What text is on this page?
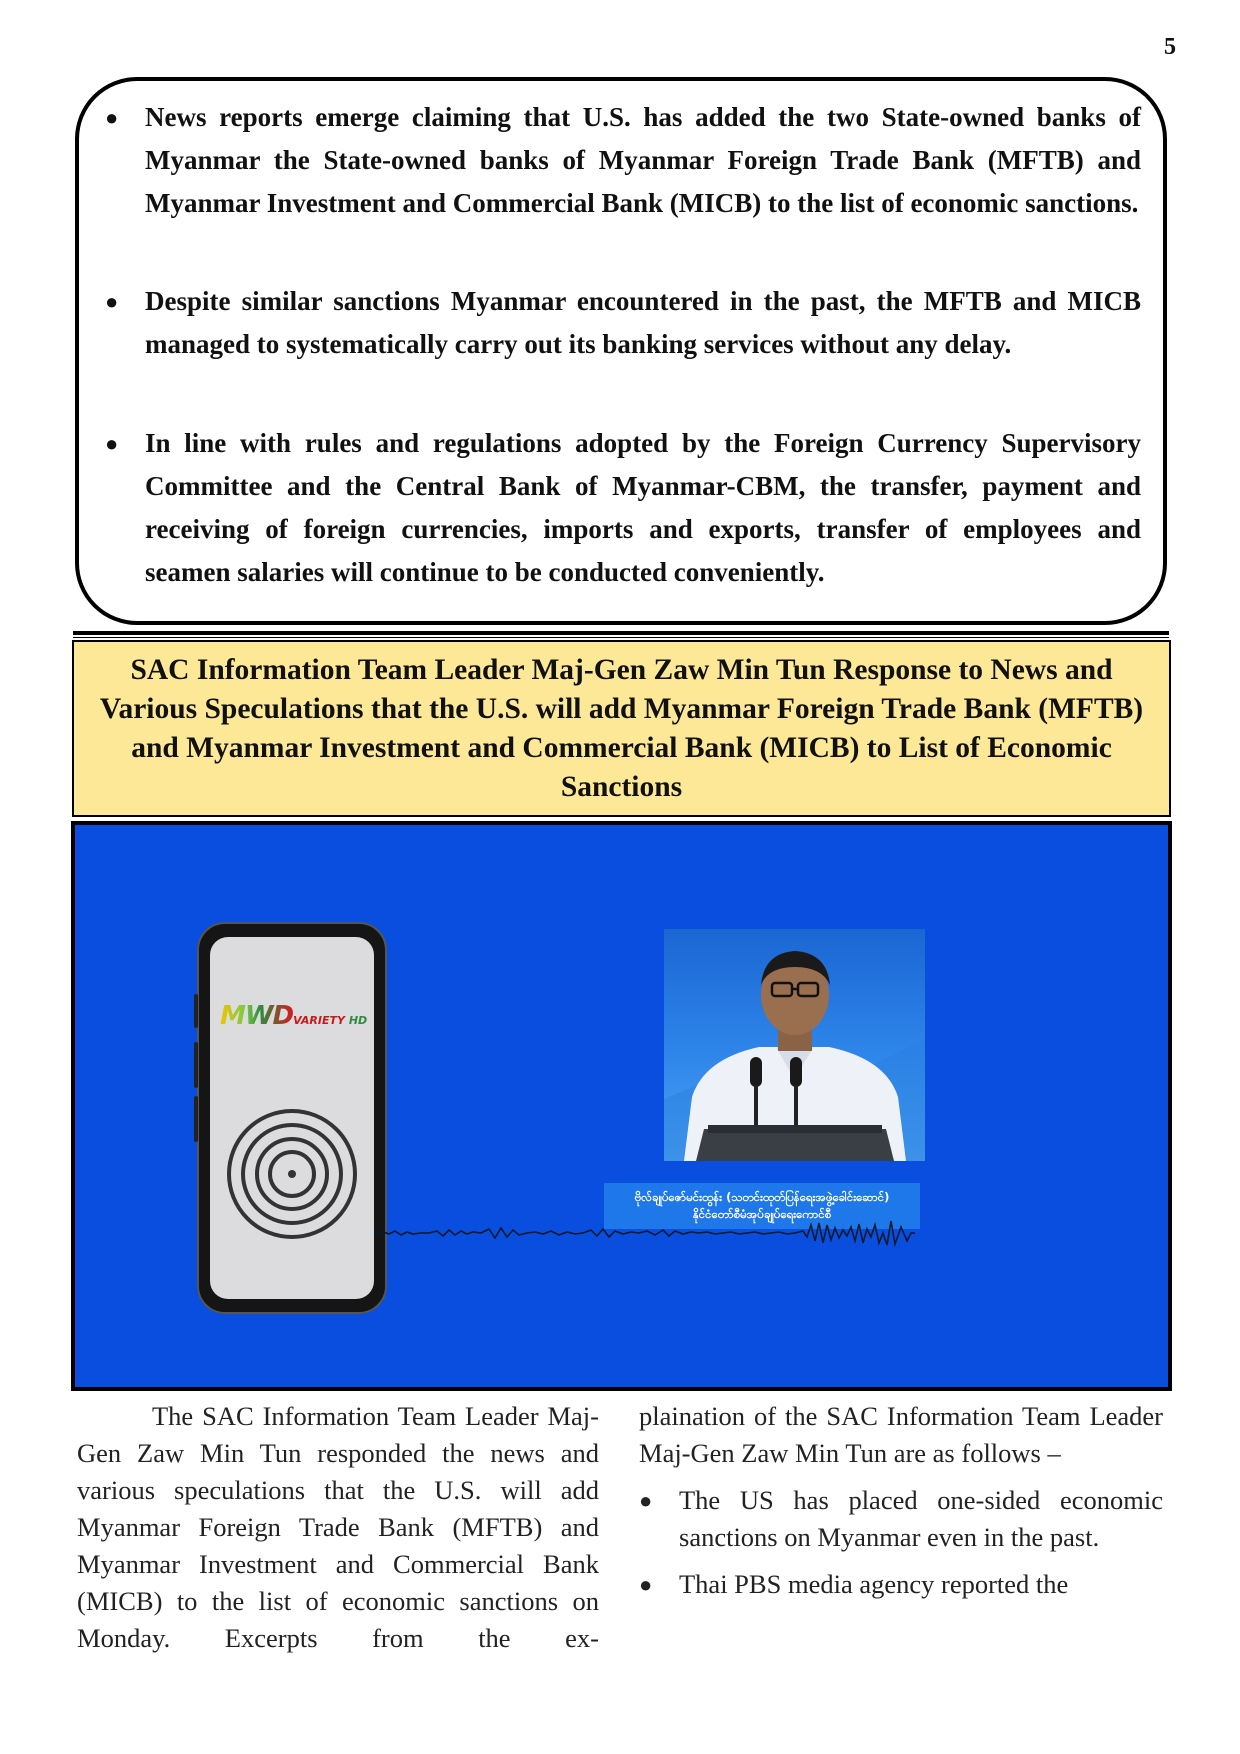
5
● News reports emerge claiming that U.S. has added the two State-owned banks of Myanmar the State-owned banks of Myanmar Foreign Trade Bank (MFTB) and Myanmar Investment and Commercial Bank (MICB) to the list of economic sanctions.
● Despite similar sanctions Myanmar encountered in the past, the MFTB and MICB managed to systematically carry out its banking services without any delay.
● In line with rules and regulations adopted by the Foreign Currency Supervisory Committee and the Central Bank of Myanmar-CBM, the transfer, payment and receiving of foreign currencies, imports and exports, transfer of employees and seamen salaries will continue to be conducted conveniently.
SAC Information Team Leader Maj-Gen Zaw Min Tun Response to News and Various Speculations that the U.S. will add Myanmar Foreign Trade Bank (MFTB) and Myanmar Investment and Commercial Bank (MICB) to List of Economic Sanctions
MWDVARIETY HD
ဗိုလ်ချုပ်ဇော်မင်းထွန်း (သတင်းထုတ်ပြန်ရေးအဖွဲ့ခေါင်းဆောင်)
နိုင်ငံတော်စီမံအုပ်ချုပ်ရေးကောင်စီ

The SAC Information Team Leader Maj-Gen Zaw Min Tun responded the news and various speculations that the U.S. will add Myanmar Foreign Trade Bank (MFTB) and Myanmar Investment and Commercial Bank (MICB) to the list of economic sanctions on Monday. Excerpts from the ex-

plaination of the SAC Information Team Leader Maj-Gen Zaw Min Tun are as follows –

● The US has placed one-sided economic sanctions on Myanmar even in the past.
● Thai PBS media agency reported the
